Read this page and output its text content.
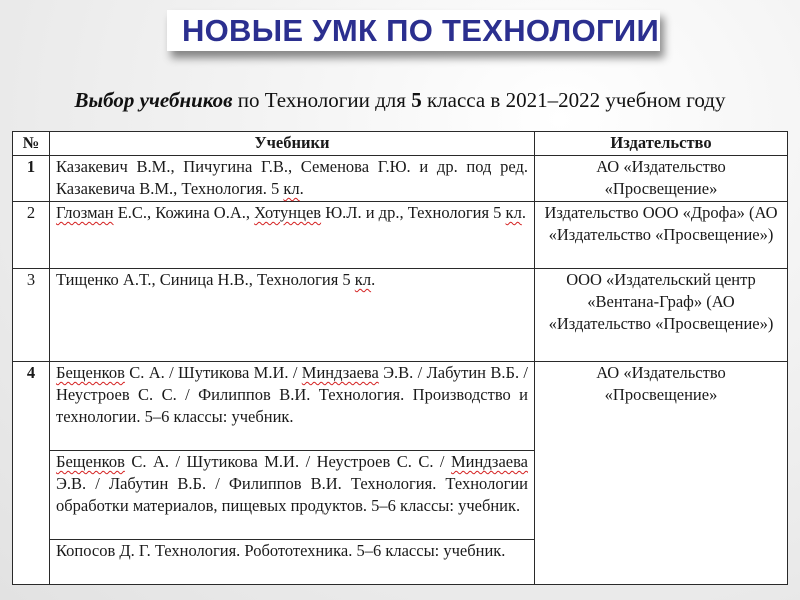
НОВЫЕ УМК ПО ТЕХНОЛОГИИ
Выбор учебников по Технологии для 5 класса в 2021–2022 учебном году
№	Учебники	Издательство
1	Казакевич В.М., Пичугина Г.В., Семенова Г.Ю. и др. под ред. Казакевича В.М., Технология. 5 кл.	АО «Издательство «Просвещение»
2	Глозман Е.С., Кожина О.А., Хотунцев Ю.Л. и др., Технология 5 кл.	Издательство ООО «Дрофа» (АО «Издательство «Просвещение»)
3	Тищенко А.Т., Синица Н.В., Технология 5 кл.	ООО «Издательский центр «Вентана-Граф» (АО «Издательство «Просвещение»)
4	Бещенков С. А. / Шутикова М.И. / Миндзаева Э.В. / Лабутин В.Б. / Неустроев С. С. / Филиппов В.И. Технология. Производство и технологии. 5–6 классы: учебник.	АО «Издательство «Просвещение»
	Бещенков С. А. / Шутикова М.И. / Неустроев С. С. / Миндзаева Э.В. / Лабутин В.Б. / Филиппов В.И. Технология. Технологии обработки материалов, пищевых продуктов. 5–6 классы: учебник.	
	Копосов Д. Г. Технология. Робототехника. 5–6 классы: учебник.	
